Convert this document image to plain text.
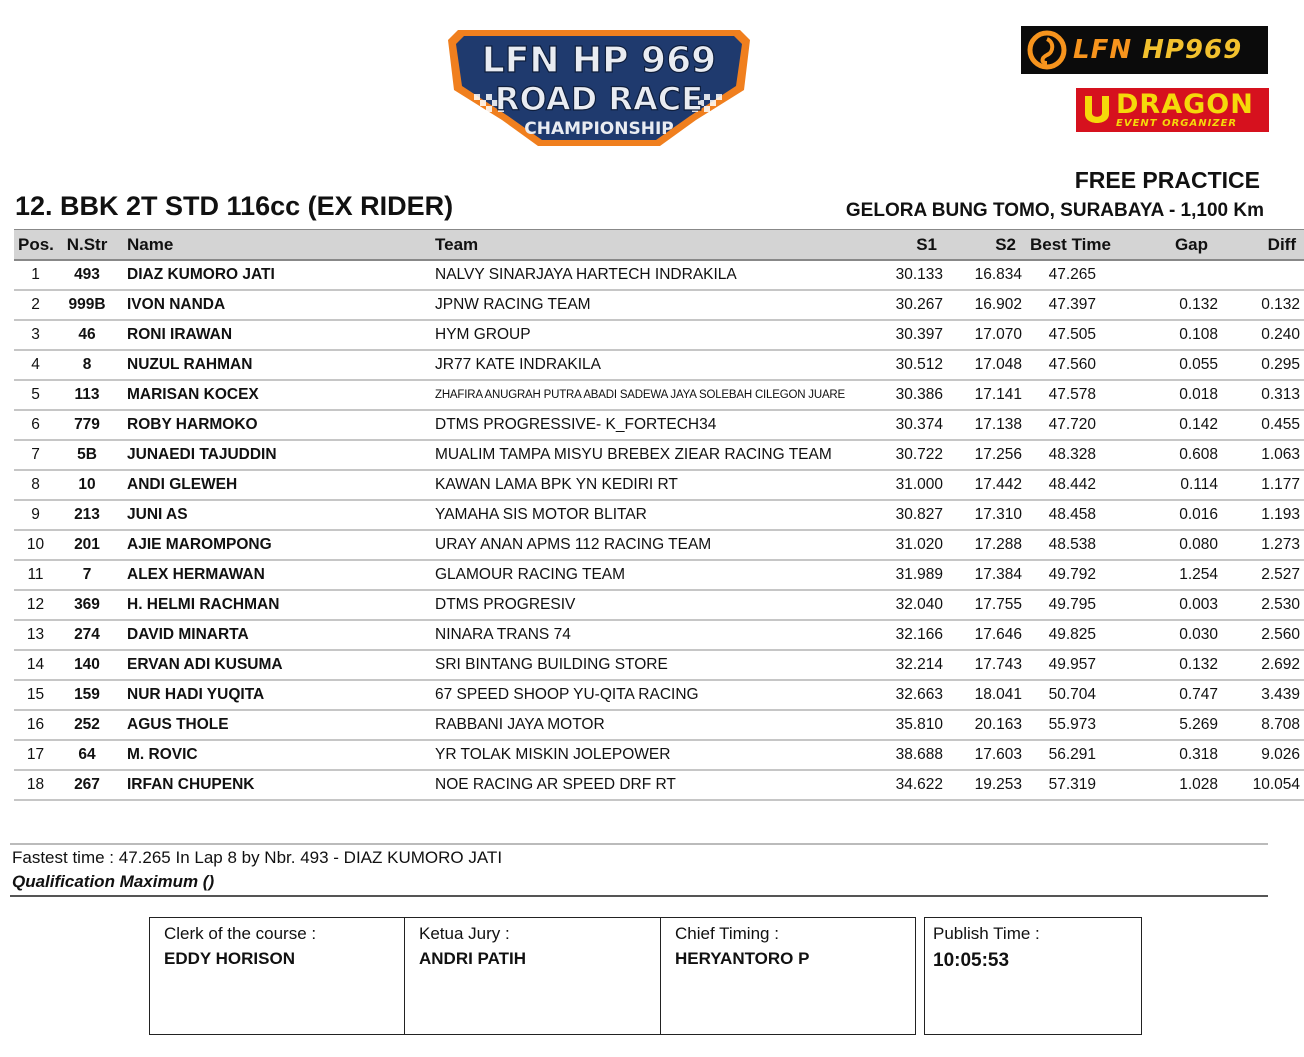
LFN HP 969
ROAD RACE
CHAMPIONSHIP
LFN HP969
DRAGON
EVENT ORGANIZER
FREE PRACTICE
12. BBK 2T STD 116cc (EX RIDER)	GELORA BUNG TOMO, SURABAYA - 1,100 Km
Pos.	N.Str	Name	Team	S1	S2	Best Time	Gap	Diff
1	493	DIAZ KUMORO JATI	NALVY SINARJAYA HARTECH INDRAKILA	30.133	16.834	47.265		
2	999B	IVON NANDA	JPNW RACING TEAM	30.267	16.902	47.397	0.132	0.132
3	46	RONI IRAWAN	HYM GROUP	30.397	17.070	47.505	0.108	0.240
4	8	NUZUL RAHMAN	JR77 KATE INDRAKILA	30.512	17.048	47.560	0.055	0.295
5	113	MARISAN KOCEX	ZHAFIRA ANUGRAH PUTRA ABADI SADEWA JAYA SOLEBAH CILEGON JUARE	30.386	17.141	47.578	0.018	0.313
6	779	ROBY HARMOKO	DTMS PROGRESSIVE- K_FORTECH34	30.374	17.138	47.720	0.142	0.455
7	5B	JUNAEDI TAJUDDIN	MUALIM TAMPA MISYU BREBEX ZIEAR RACING TEAM	30.722	17.256	48.328	0.608	1.063
8	10	ANDI GLEWEH	KAWAN LAMA BPK YN KEDIRI RT	31.000	17.442	48.442	0.114	1.177
9	213	JUNI AS	YAMAHA SIS MOTOR BLITAR	30.827	17.310	48.458	0.016	1.193
10	201	AJIE MAROMPONG	URAY ANAN APMS 112 RACING TEAM	31.020	17.288	48.538	0.080	1.273
11	7	ALEX HERMAWAN	GLAMOUR RACING TEAM	31.989	17.384	49.792	1.254	2.527
12	369	H. HELMI RACHMAN	DTMS PROGRESIV	32.040	17.755	49.795	0.003	2.530
13	274	DAVID MINARTA	NINARA TRANS 74	32.166	17.646	49.825	0.030	2.560
14	140	ERVAN ADI KUSUMA	SRI BINTANG BUILDING STORE	32.214	17.743	49.957	0.132	2.692
15	159	NUR HADI YUQITA	67 SPEED SHOOP YU-QITA RACING	32.663	18.041	50.704	0.747	3.439
16	252	AGUS THOLE	RABBANI JAYA MOTOR	35.810	20.163	55.973	5.269	8.708
17	64	M. ROVIC	YR TOLAK MISKIN JOLEPOWER	38.688	17.603	56.291	0.318	9.026
18	267	IRFAN CHUPENK	NOE RACING AR SPEED DRF RT	34.622	19.253	57.319	1.028	10.054
Fastest time : 47.265 In Lap 8 by Nbr. 493 - DIAZ KUMORO JATI
Qualification Maximum ()
Clerk of the course :
EDDY HORISON
Ketua Jury :
ANDRI PATIH
Chief Timing :
HERYANTORO P
Publish Time :
10:05:53
